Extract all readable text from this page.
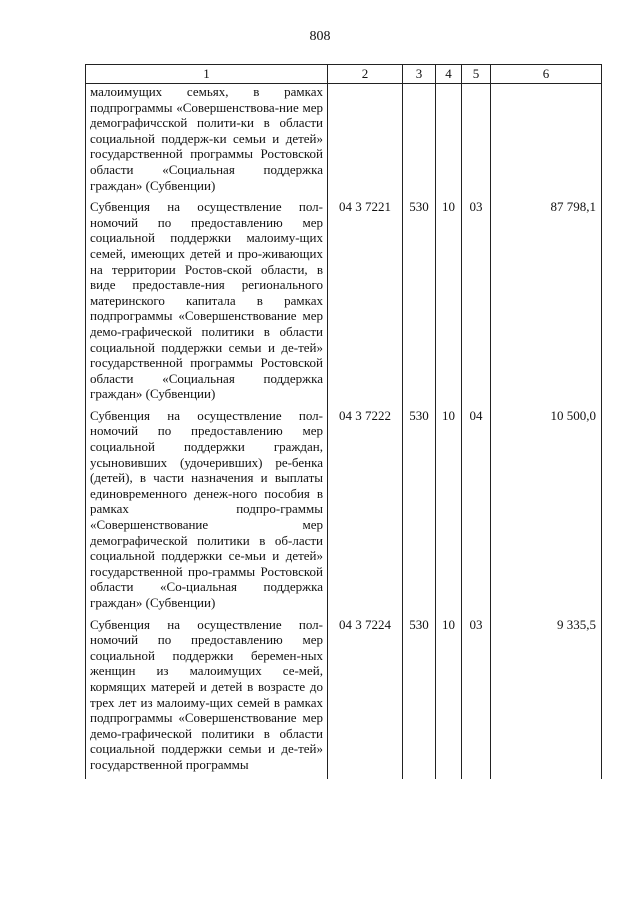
808
1	2	3	4	5	6
малоимущих семьях, в рамках подпрограммы «Совершенствова-ние мер демографичсской полити-ки в области социальной поддерж-ки семьи и детей» государственной программы Ростовской области «Социальная поддержка граждан» (Субвенции)					
Субвенция на осуществление пол-номочий по предоставлению мер социальной поддержки малоиму-щих семей, имеющих детей и про-живающих на территории Ростов-ской области, в виде предоставле-ния регионального материнского капитала в рамках подпрограммы «Совершенствование мер демо-графической политики в области социальной поддержки семьи и де-тей» государственной программы Ростовской области «Социальная поддержка граждан» (Субвенции)	04 3 7221	530	10	03	87 798,1
Субвенция на осуществление пол-номочий по предоставлению мер социальной поддержки граждан, усыновивших (удочеривших) ре-бенка (детей), в части назначения и выплаты единовременного денеж-ного пособия в рамках подпро-граммы «Совершенствование мер демографической политики в об-ласти социальной поддержки се-мьи и детей» государственной про-граммы Ростовской области «Со-циальная поддержка граждан» (Субвенции)	04 3 7222	530	10	04	10 500,0
Субвенция на осуществление пол-номочий по предоставлению мер социальной поддержки беремен-ных женщин из малоимущих се-мей, кормящих матерей и детей в возрасте до трех лет из малоиму-щих семей в рамках подпрограммы «Совершенствование мер демо-графической политики в области социальной поддержки семьи и де-тей» государственной программы	04 3 7224	530	10	03	9 335,5
